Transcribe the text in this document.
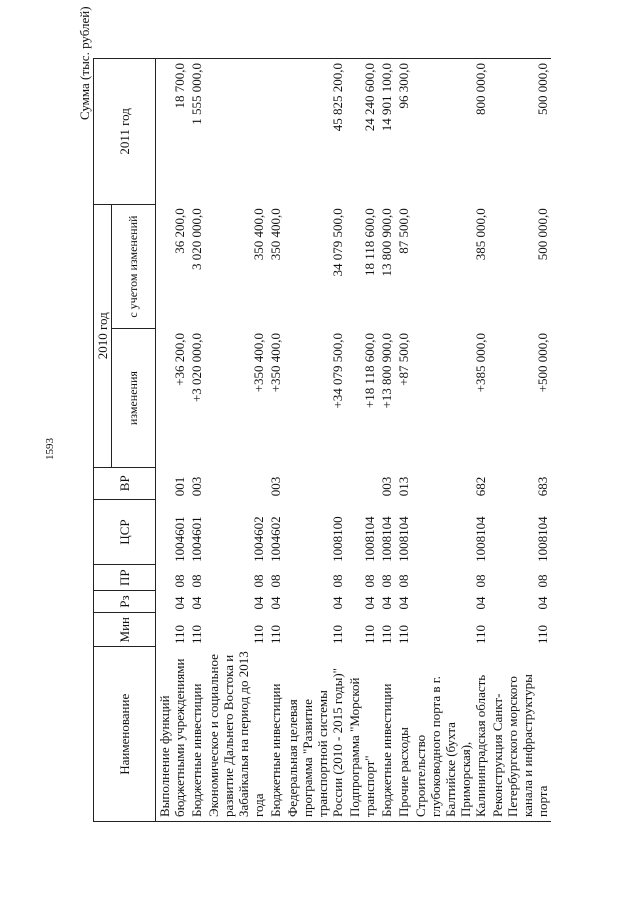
1593
Сумма (тыс. рублей)
Наименование	Мин	Рз	ПР	ЦСР	ВР	2010 год		2011 год
						изменения	с учетом изменений	
Выполнение функций бюджетными учреждениями	110	04	08	1004601	001	+36 200,0	36 200,0	18 700,0
Бюджетные инвестиции	110	04	08	1004601	003	+3 020 000,0	3 020 000,0	1 555 000,0
Экономическое и социальное развитие Дальнего Востока и Забайкалья на период до 2013 года	110	04	08	1004602		+350 400,0	350 400,0	
Бюджетные инвестиции	110	04	08	1004602	003	+350 400,0	350 400,0	
Федеральная целевая программа "Развитие транспортной системы России (2010 - 2015 годы)"	110	04	08	1008100		+34 079 500,0	34 079 500,0	45 825 200,0
Подпрограмма "Морской транспорт"	110	04	08	1008104		+18 118 600,0	18 118 600,0	24 240 600,0
Бюджетные инвестиции	110	04	08	1008104	003	+13 800 900,0	13 800 900,0	14 901 100,0
Прочие расходы	110	04	08	1008104	013	+87 500,0	87 500,0	96 300,0
Строительство глубоководного порта в г. Балтийске (бухта Приморская), Калининградская область	110	04	08	1008104	682	+385 000,0	385 000,0	800 000,0
Реконструкция Санкт-Петербургского морского канала и инфраструктуры порта	110	04	08	1008104	683	+500 000,0	500 000,0	500 000,0
